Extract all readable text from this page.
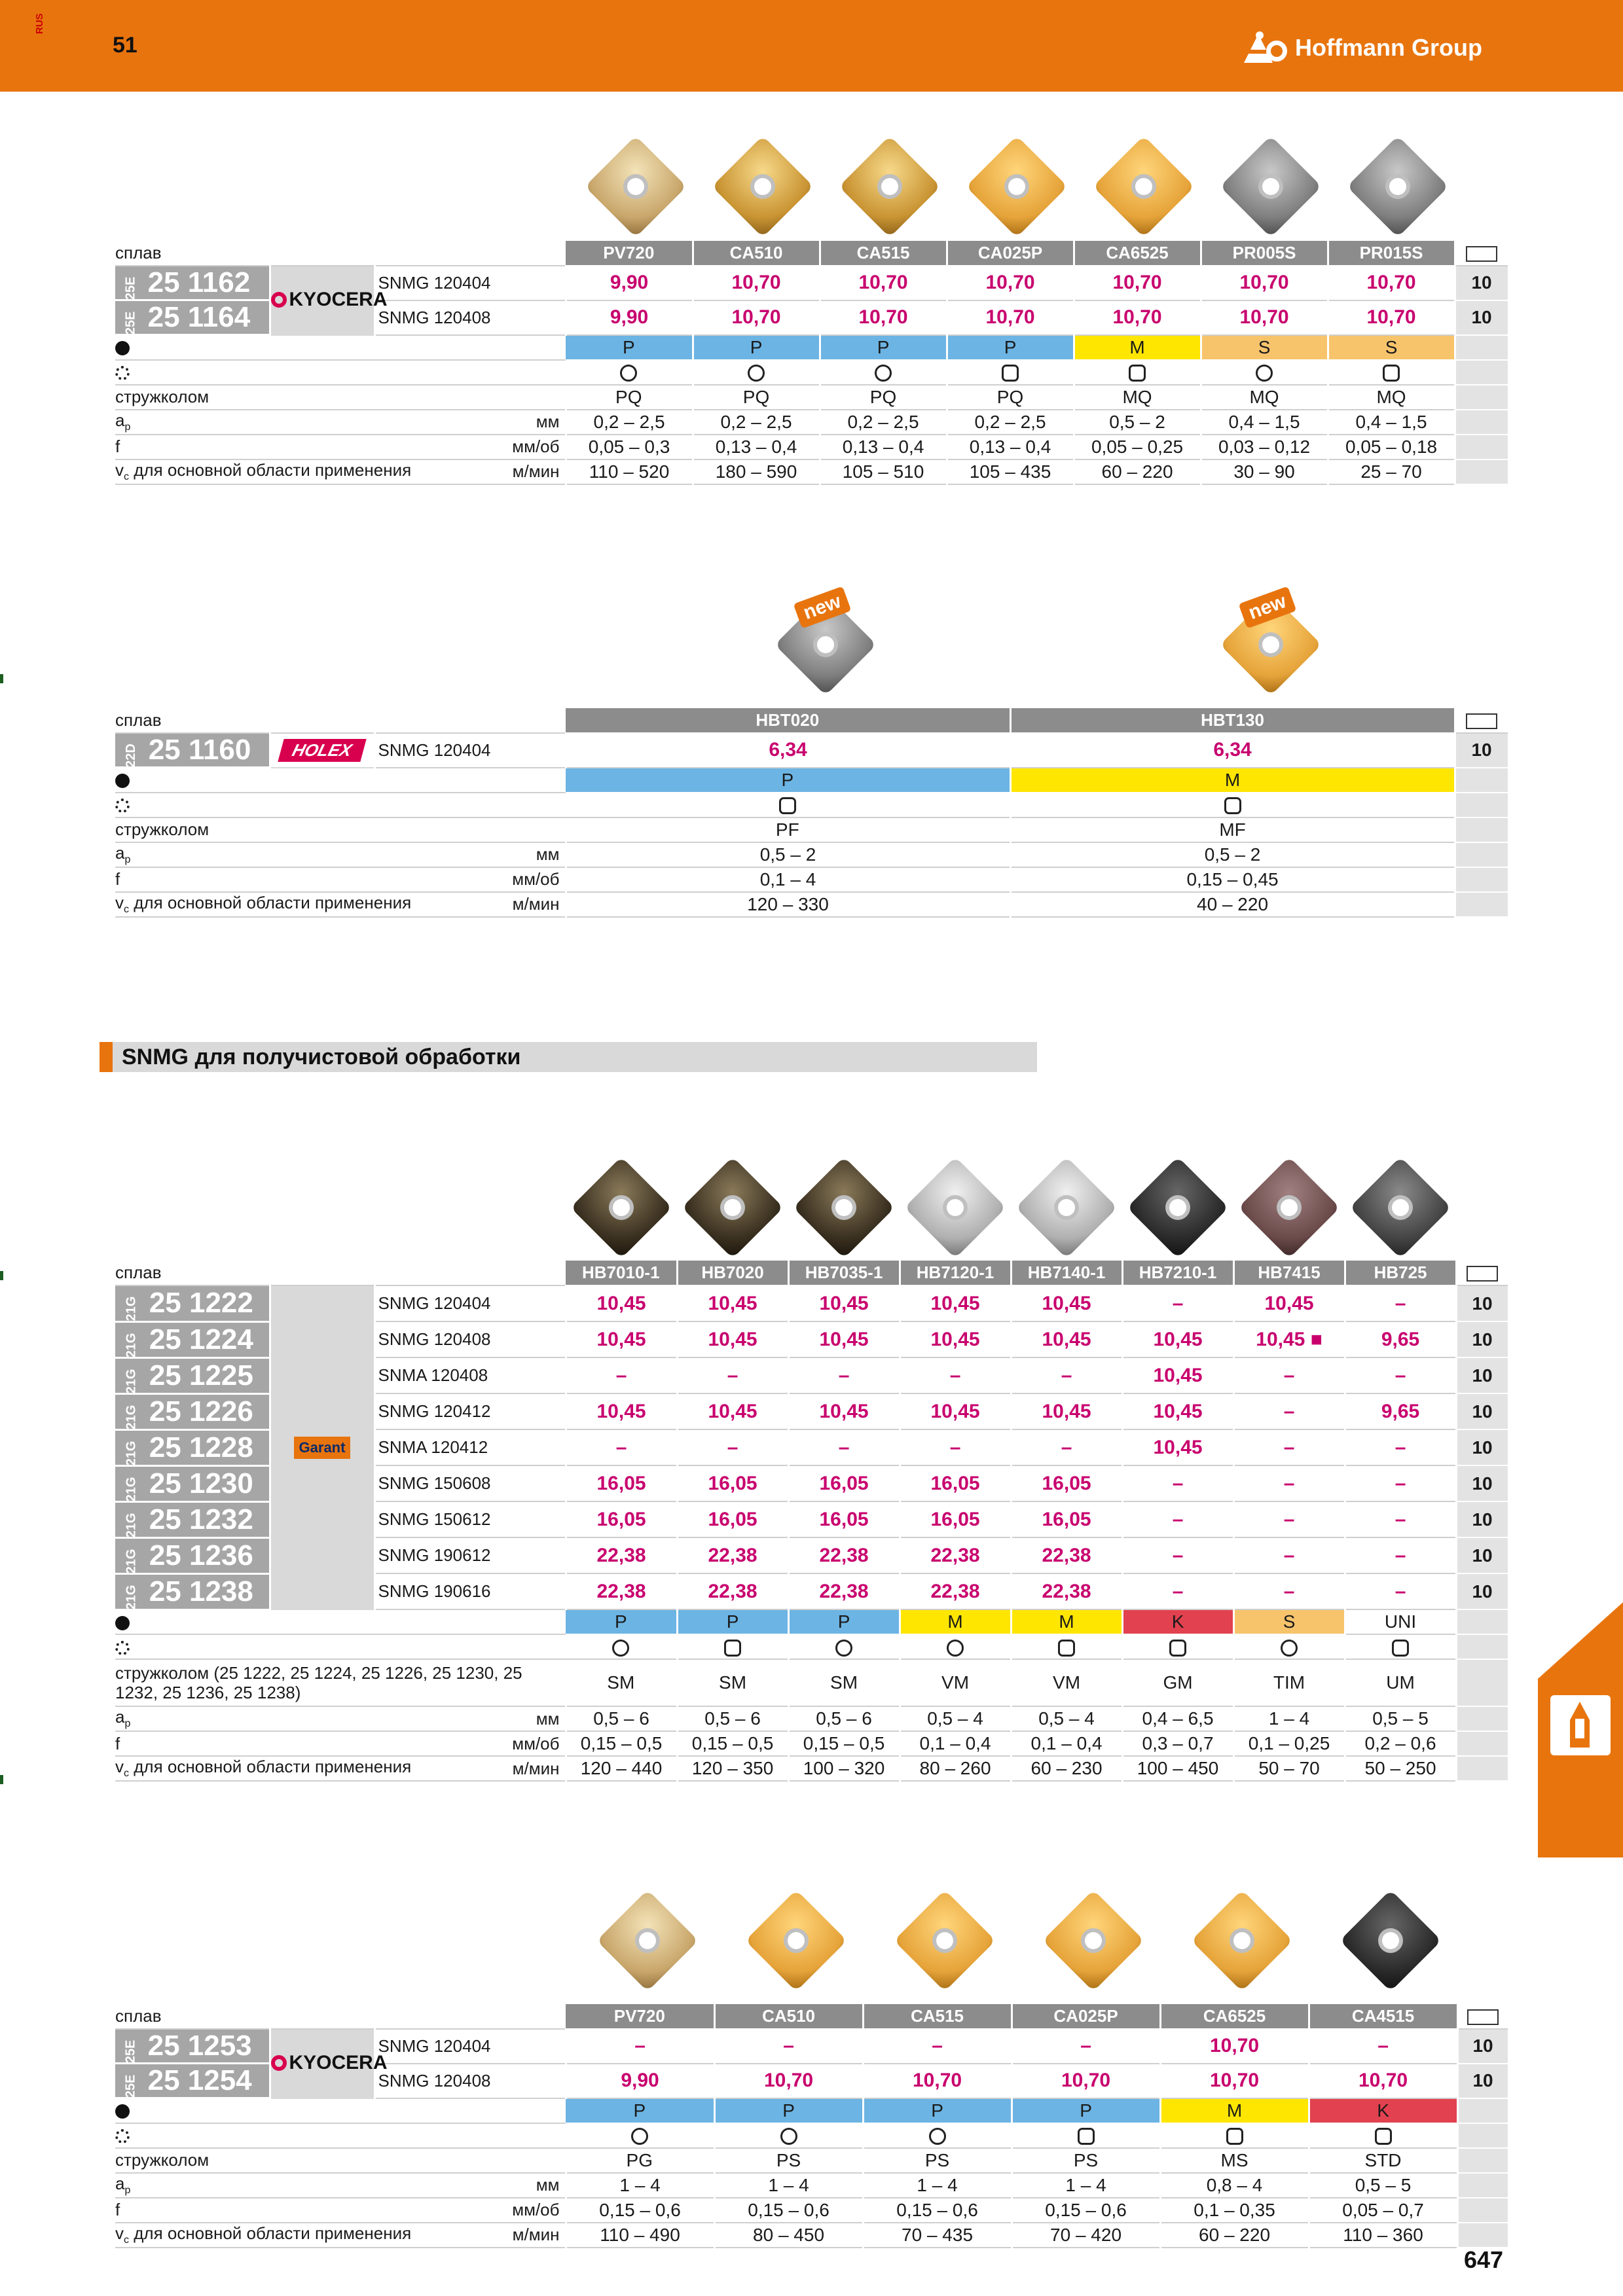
RUS
51	Hoffmann Group
сплав			PV720	CA510	CA515	CA025P	CA6525	PR005S	PR015S	
25E 25 1162	KYOCERA	SNMG 120404	9,90	10,70	10,70	10,70	10,70	10,70	10,70	10
25E 25 1164		SNMG 120408	9,90	10,70	10,70	10,70	10,70	10,70	10,70	10
			P	P	P	P	M	S	S	

стружколом			PQ	PQ	PQ	PQ	MQ	MQ	MQ	
$a_p$		мм	0,2 – 2,5	0,2 – 2,5	0,2 – 2,5	0,2 – 2,5	0,5 – 2	0,4 – 1,5	0,4 – 1,5	
f		мм/об	0,05 – 0,3	0,13 – 0,4	0,13 – 0,4	0,13 – 0,4	0,05 – 0,25	0,03 – 0,12	0,05 – 0,18	
$v_c$ для основной области применения		м/мин	110 – 520	180 – 590	105 – 510	105 – 435	60 – 220	30 – 90	25 – 70	
new	new
сплав			HBT020	HBT130	
22D 25 1160	HOLEX	SNMG 120404	6,34	6,34	10
			P	M	

стружколом			PF	MF	
$a_p$		мм	0,5 – 2	0,5 – 2	
f		мм/об	0,1 – 4	0,15 – 0,45	
$v_c$ для основной области применения		м/мин	120 – 330	40 – 220	
SNMG для получистовой обработки
сплав			HB7010-1	HB7020	HB7035-1	HB7120-1	HB7140-1	HB7210-1	HB7415	HB725	
21G 25 1222	Garant	SNMG 120404	10,45	10,45	10,45	10,45	10,45	–	10,45	–	10
21G 25 1224		SNMG 120408	10,45	10,45	10,45	10,45	10,45	10,45	10,45 ■	9,65	10
21G 25 1225		SNMA 120408	–	–	–	–	–	10,45	–	–	10
21G 25 1226		SNMG 120412	10,45	10,45	10,45	10,45	10,45	10,45	–	9,65	10
21G 25 1228		SNMA 120412	–	–	–	–	–	10,45	–	–	10
21G 25 1230		SNMG 150608	16,05	16,05	16,05	16,05	16,05	–	–	–	10
21G 25 1232		SNMG 150612	16,05	16,05	16,05	16,05	16,05	–	–	–	10
21G 25 1236		SNMG 190612	22,38	22,38	22,38	22,38	22,38	–	–	–	10
21G 25 1238		SNMG 190616	22,38	22,38	22,38	22,38	22,38	–	–	–	10
			P	P	P	M	M	K	S	UNI	

стружколом (25 1222, 25 1224, 25 1226, 25 1230, 25 1232, 25 1236, 25 1238)			SM	SM	SM	VM	VM	GM	TIM	UM	
$a_p$		мм	0,5 – 6	0,5 – 6	0,5 – 6	0,5 – 4	0,5 – 4	0,4 – 6,5	1 – 4	0,5 – 5	
f		мм/об	0,15 – 0,5	0,15 – 0,5	0,15 – 0,5	0,1 – 0,4	0,1 – 0,4	0,3 – 0,7	0,1 – 0,25	0,2 – 0,6	
$v_c$ для основной области применения		м/мин	120 – 440	120 – 350	100 – 320	80 – 260	60 – 230	100 – 450	50 – 70	50 – 250	
сплав			PV720	CA510	CA515	CA025P	CA6525	CA4515	
25E 25 1253	KYOCERA	SNMG 120404	–	–	–	–	10,70	–	10
25E 25 1254		SNMG 120408	9,90	10,70	10,70	10,70	10,70	10,70	10
			P	P	P	P	M	K	

стружколом			PG	PS	PS	PS	MS	STD	
$a_p$		мм	1 – 4	1 – 4	1 – 4	1 – 4	0,8 – 4	0,5 – 5	
f		мм/об	0,15 – 0,6	0,15 – 0,6	0,15 – 0,6	0,15 – 0,6	0,1 – 0,35	0,05 – 0,7	
$v_c$ для основной области применения		м/мин	110 – 490	80 – 450	70 – 435	70 – 420	60 – 220	110 – 360	
647
